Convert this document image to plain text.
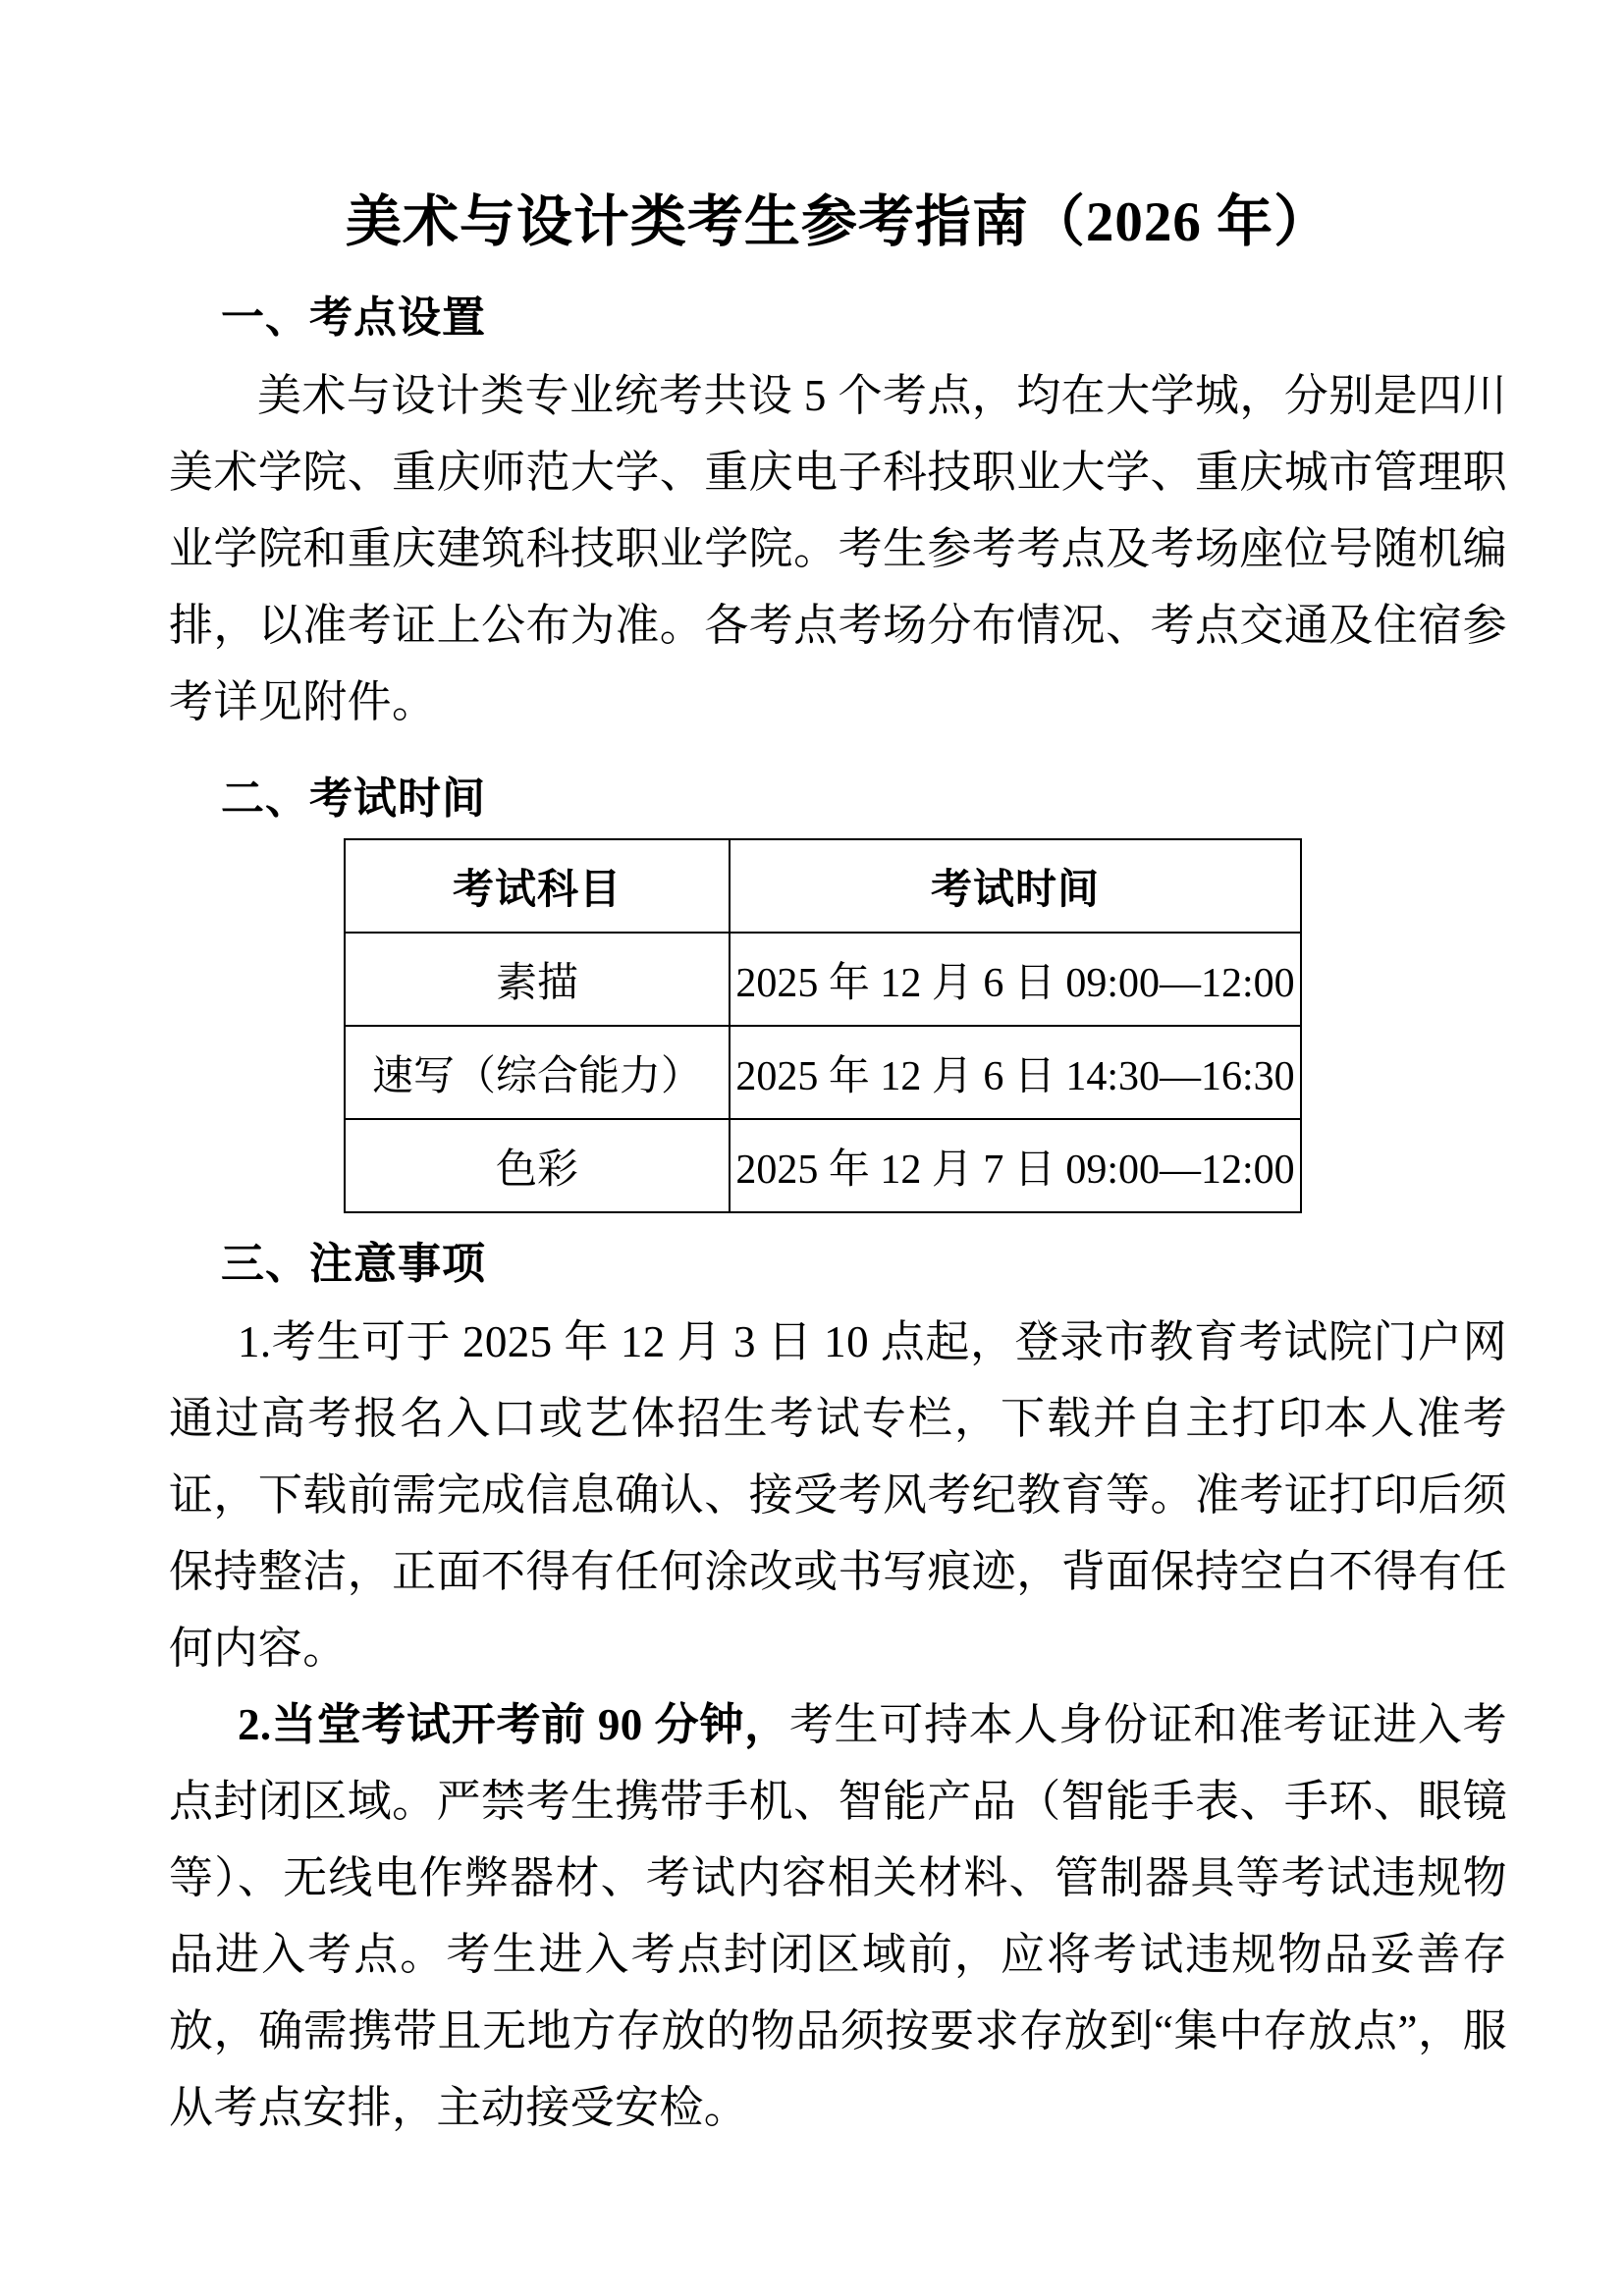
美术与设计类考生参考指南（2026 年）
一、考点设置

美术与设计类专业统考共设 5 个考点，均在大学城，分别是四川美术学院、重庆师范大学、重庆电子科技职业大学、重庆城市管理职业学院和重庆建筑科技职业学院。考生参考考点及考场座位号随机编排，以准考证上公布为准。各考点考场分布情况、考点交通及住宿参考详见附件。

二、考试时间
考试科目	考试时间
素描	2025 年 12 月 6 日 09:00—12:00
速写（综合能力）	2025 年 12 月 6 日 14:30—16:30
色彩	2025 年 12 月 7 日 09:00—12:00
三、注意事项

1.考生可于 2025 年 12 月 3 日 10 点起，登录市教育考试院门户网通过高考报名入口或艺体招生考试专栏，下载并自主打印本人准考证，下载前需完成信息确认、接受考风考纪教育等。准考证打印后须保持整洁，正面不得有任何涂改或书写痕迹，背面保持空白不得有任何内容。

2.当堂考试开考前 90 分钟，考生可持本人身份证和准考证进入考点封闭区域。严禁考生携带手机、智能产品（智能手表、手环、眼镜等）、无线电作弊器材、考试内容相关材料、管制器具等考试违规物品进入考点。考生进入考点封闭区域前，应将考试违规物品妥善存放，确需携带且无地方存放的物品须按要求存放到“集中存放点”，服从考点安排，主动接受安检。
